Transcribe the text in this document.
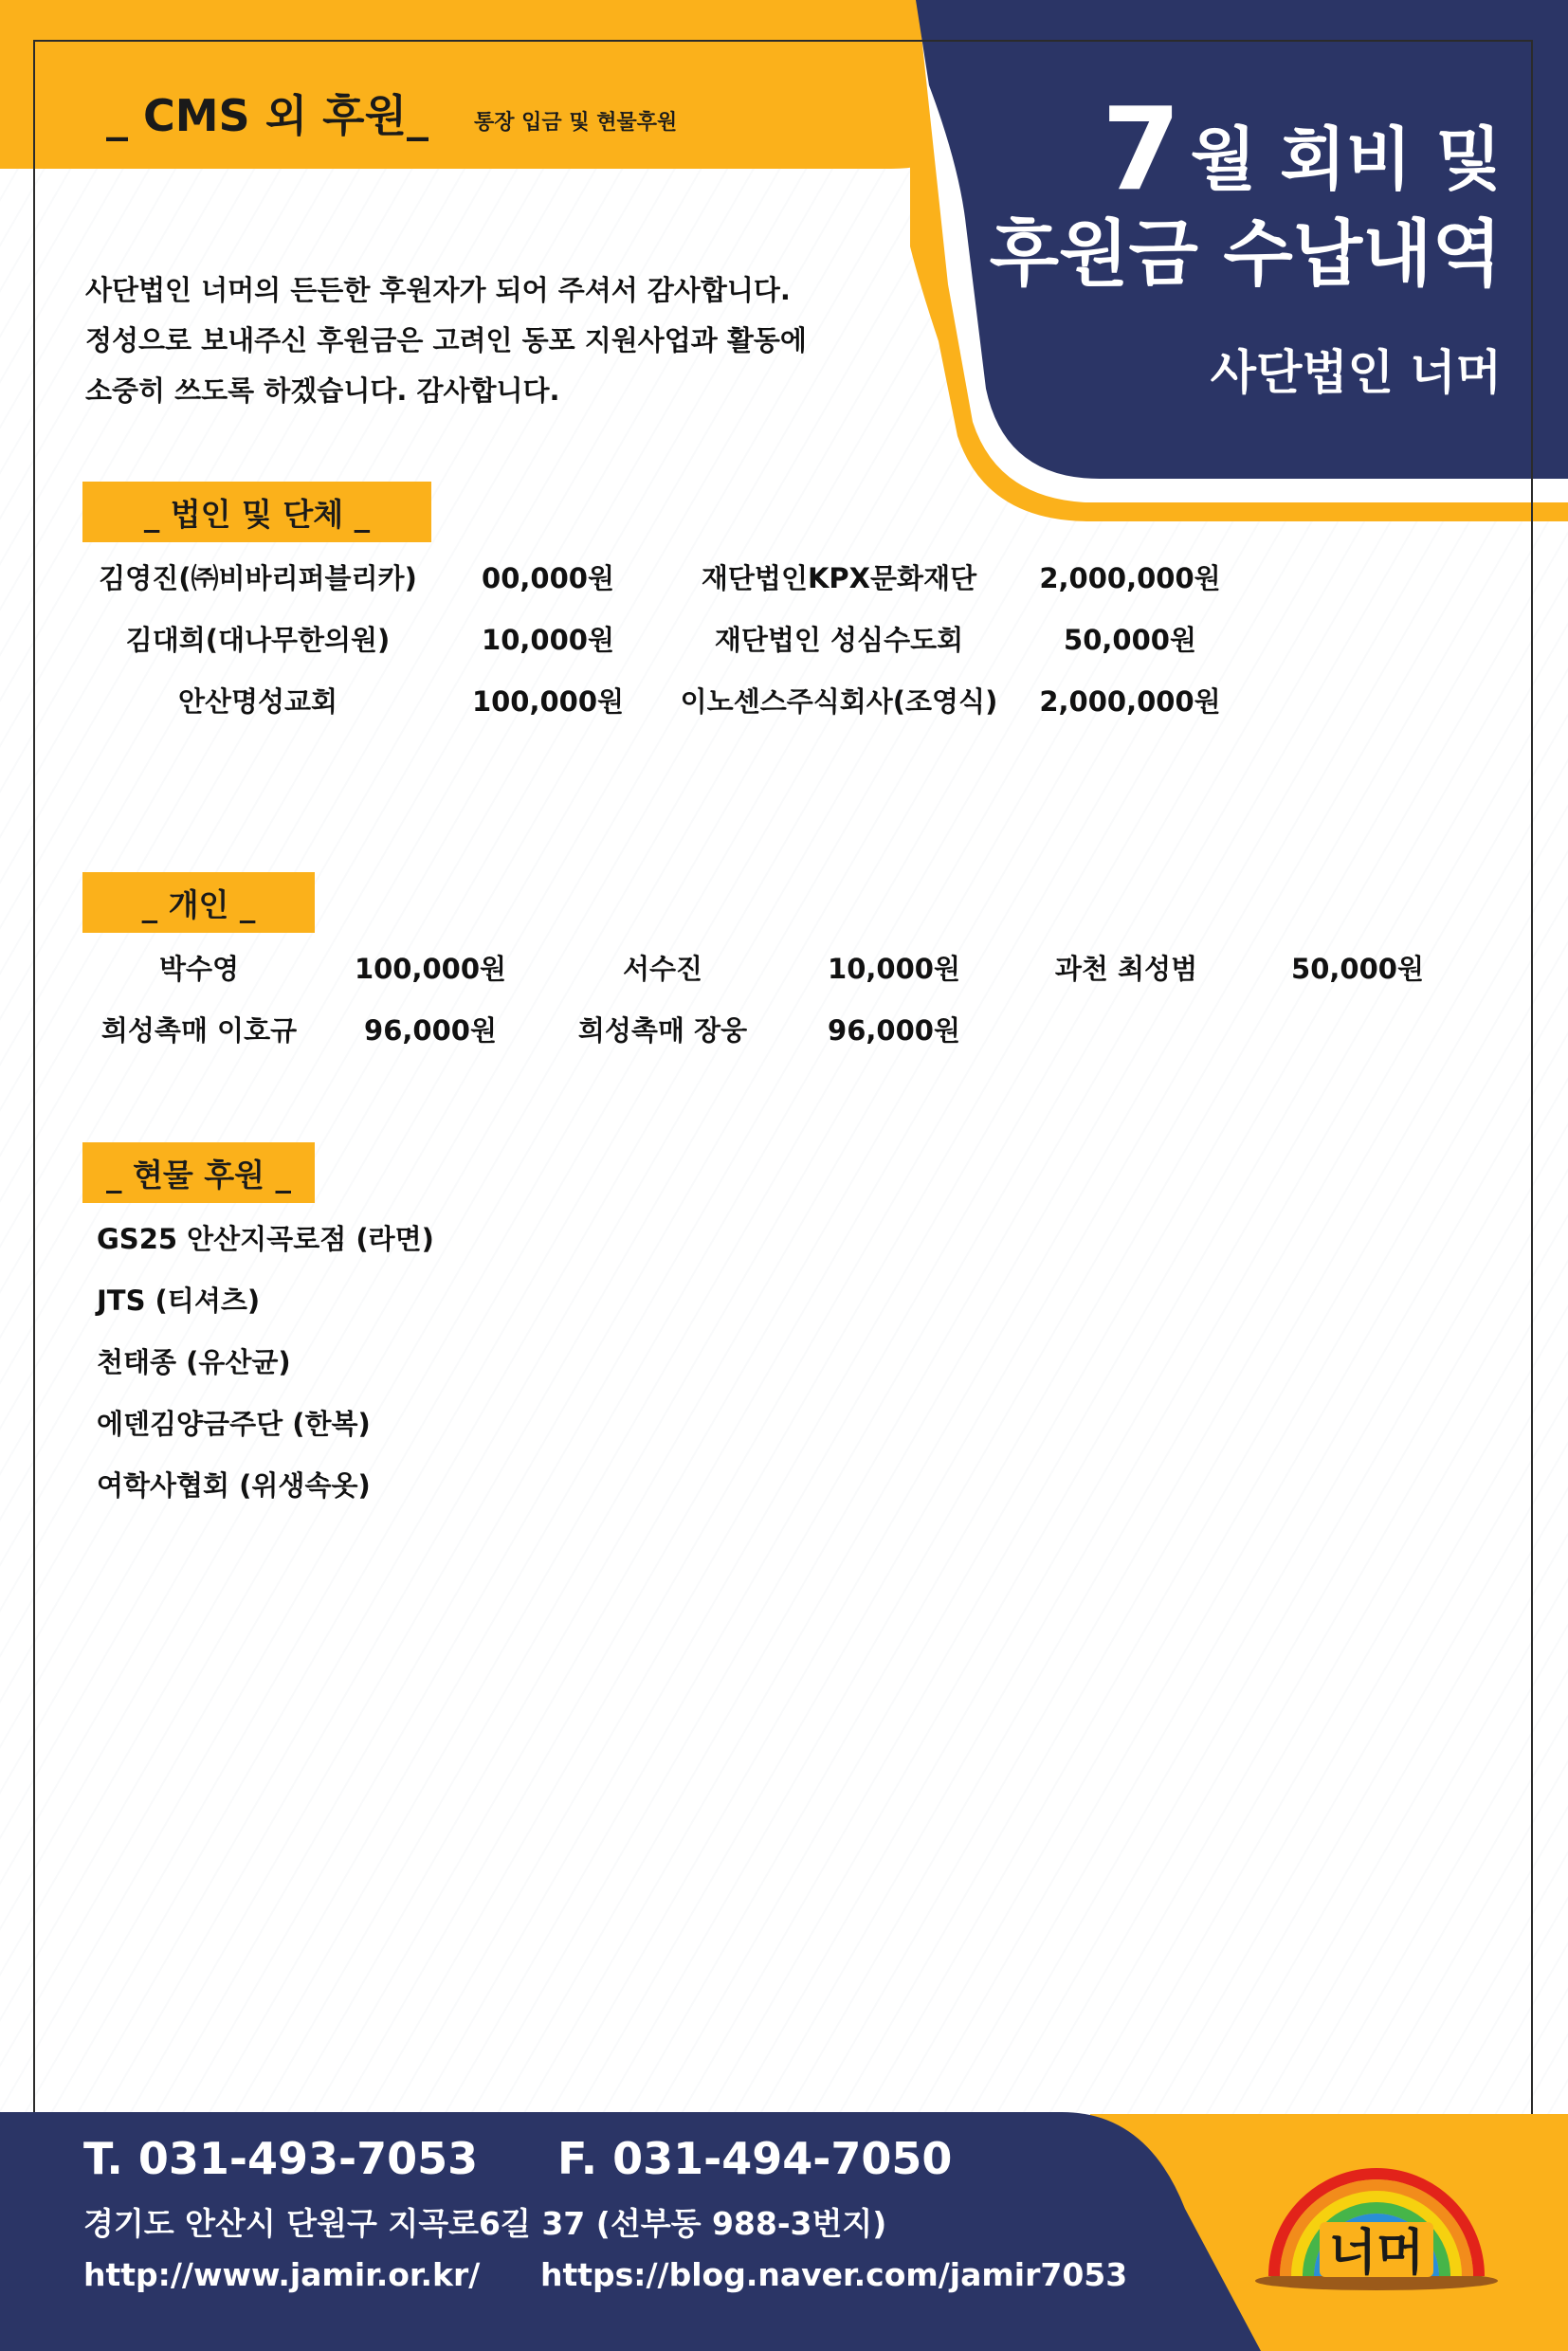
_ CMS 외 후원_ 통장 입금 및 현물후원	7 월 회비 및
후원금 수납내역
사단법인 너머
사단법인 너머의 든든한 후원자가 되어 주셔서 감사합니다.
정성으로 보내주신 후원금은 고려인 동포 지원사업과 활동에
소중히 쓰도록 하겠습니다. 감사합니다.
_ 법인 및 단체 _
김영진(㈜비바리퍼블리카) 00,000원	재단법인KPX문화재단 2,000,000원
김대희(대나무한의원)	10,000원	재단법인 성심수도회	50,000원
안산명성교회	100,000원 이노센스주식회사(조영식) 2,000,000원
_ 개인 _
박수영	100,000원	서수진	10,000원	과천 최성범	50,000원
희성촉매 이호규 96,000원	희성촉매 장웅	96,000원
_ 현물 후원 _
GS25 안산지곡로점 (라면)
JTS (티셔츠)
천태종 (유산균)
에덴김양금주단 (한복)
여학사협회 (위생속옷)
T. 031-493-7053 F. 031-494-7050
경기도 안산시 단원구 지곡로6길 37 (선부동 988-3번지)
http://www.jamir.or.kr/ https://blog.naver.com/jamir7053	너머
